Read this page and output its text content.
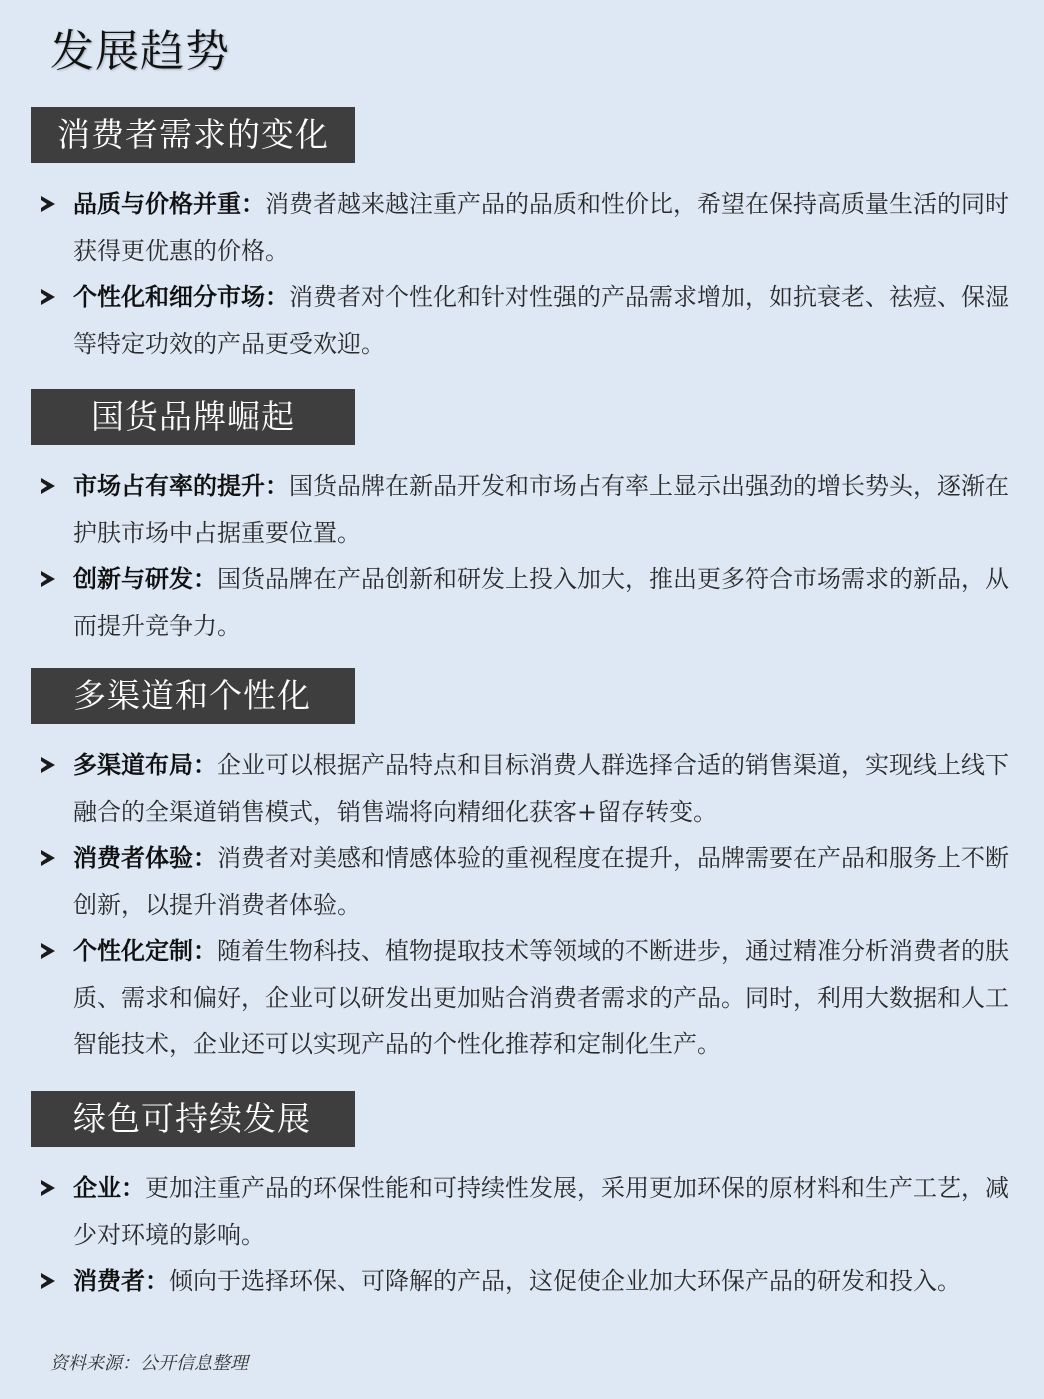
发展趋势
消费者需求的变化
品质与价格并重：消费者越来越注重产品的品质和性价比，希望在保持高质量生活的同时获得更优惠的价格。
个性化和细分市场：消费者对个性化和针对性强的产品需求增加，如抗衰老、祛痘、保湿等特定功效的产品更受欢迎。
国货品牌崛起
市场占有率的提升：国货品牌在新品开发和市场占有率上显示出强劲的增长势头，逐渐在护肤市场中占据重要位置。
创新与研发：国货品牌在产品创新和研发上投入加大，推出更多符合市场需求的新品，从而提升竞争力。
多渠道和个性化
多渠道布局：企业可以根据产品特点和目标消费人群选择合适的销售渠道，实现线上线下融合的全渠道销售模式，销售端将向精细化获客+留存转变。
消费者体验：消费者对美感和情感体验的重视程度在提升，品牌需要在产品和服务上不断创新，以提升消费者体验。
个性化定制：随着生物科技、植物提取技术等领域的不断进步，通过精准分析消费者的肤质、需求和偏好，企业可以研发出更加贴合消费者需求的产品。同时，利用大数据和人工智能技术，企业还可以实现产品的个性化推荐和定制化生产。
绿色可持续发展
企业：更加注重产品的环保性能和可持续性发展，采用更加环保的原材料和生产工艺，减少对环境的影响。
消费者：倾向于选择环保、可降解的产品，这促使企业加大环保产品的研发和投入。
资料来源：公开信息整理
